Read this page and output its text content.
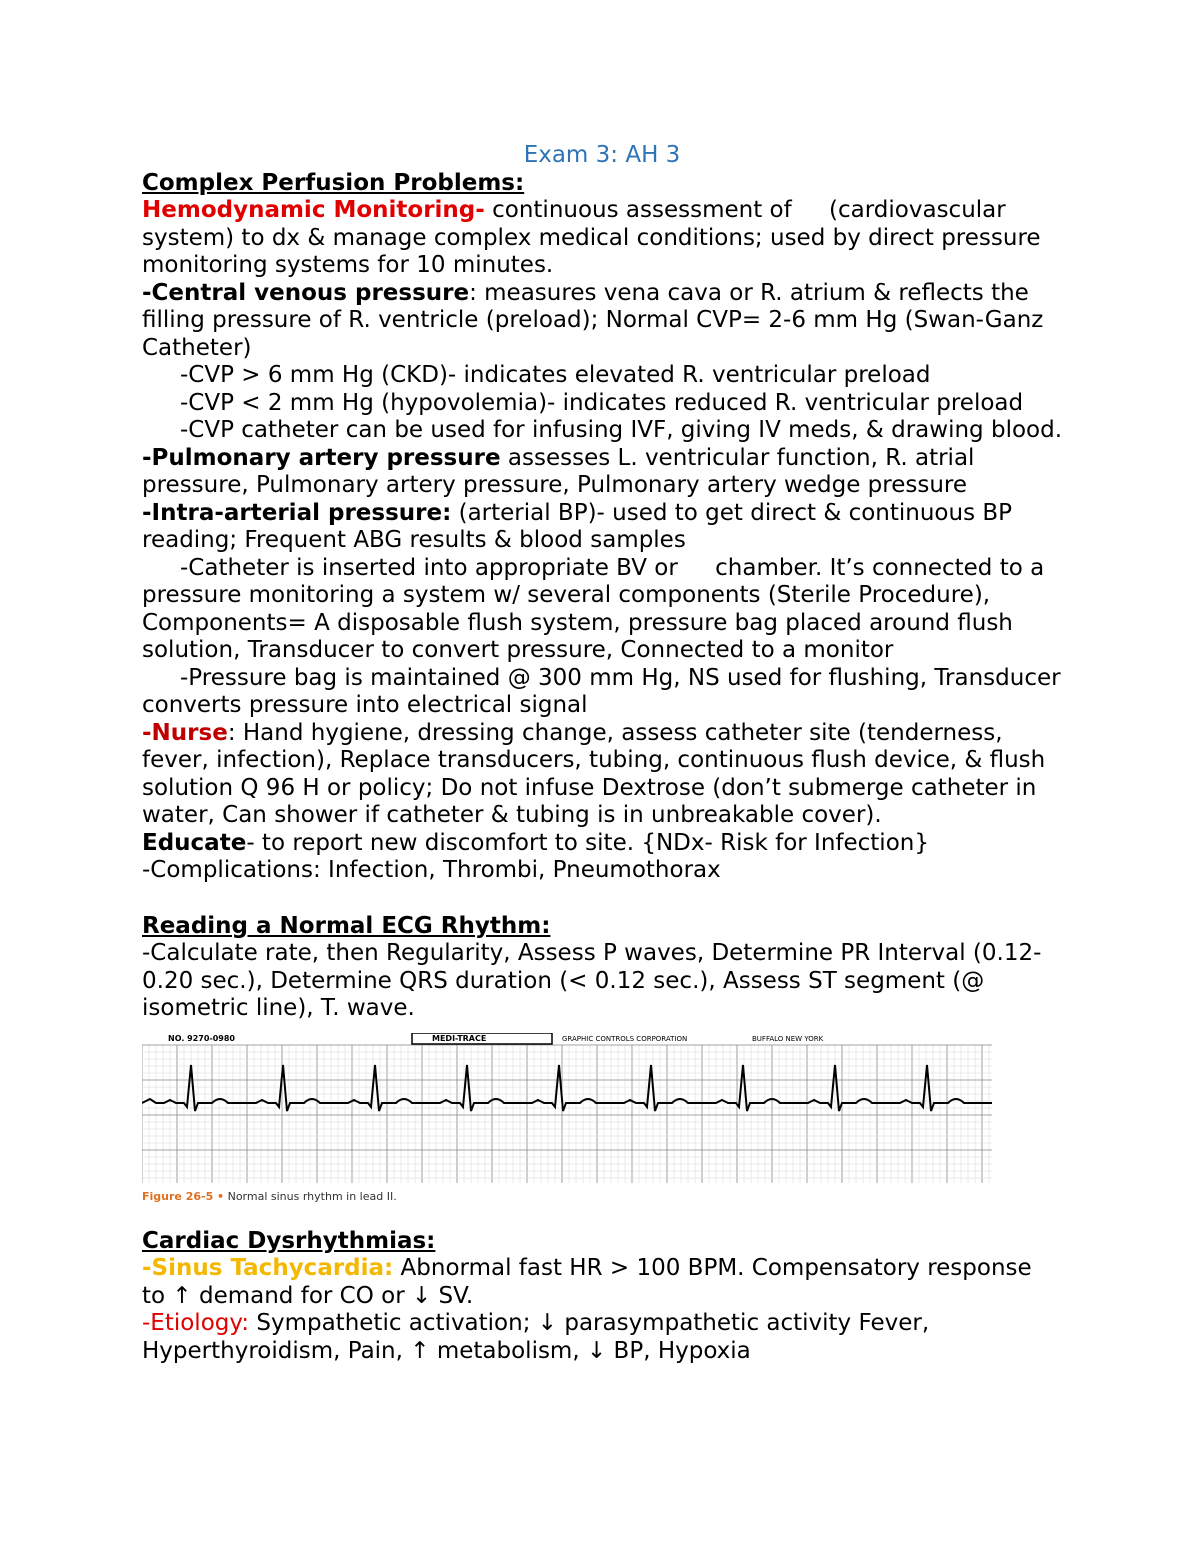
Exam 3: AH 3

Complex Perfusion Problems:

Hemodynamic Monitoring- continuous assessment of (cardiovascular system) to dx & manage complex medical conditions; used by direct pressure monitoring systems for 10 minutes.

-Central venous pressure: measures vena cava or R. atrium & reflects the filling pressure of R. ventricle (preload); Normal CVP= 2-6 mm Hg (Swan-Ganz Catheter)

-CVP > 6 mm Hg (CKD)- indicates elevated R. ventricular preload

-CVP < 2 mm Hg (hypovolemia)- indicates reduced R. ventricular preload

-CVP catheter can be used for infusing IVF, giving IV meds, & drawing blood.

-Pulmonary artery pressure assesses L. ventricular function, R. atrial pressure, Pulmonary artery pressure, Pulmonary artery wedge pressure

-Intra-arterial pressure: (arterial BP)- used to get direct & continuous BP reading; Frequent ABG results & blood samples

-Catheter is inserted into appropriate BV or chamber. It’s connected to a pressure monitoring a system w/ several components (Sterile Procedure), Components= A disposable flush system, pressure bag placed around flush solution, Transducer to convert pressure, Connected to a monitor

-Pressure bag is maintained @ 300 mm Hg, NS used for flushing, Transducer converts pressure into electrical signal

-Nurse: Hand hygiene, dressing change, assess catheter site (tenderness, fever, infection), Replace transducers, tubing, continuous flush device, & flush solution Q 96 H or policy; Do not infuse Dextrose (don’t submerge catheter in water, Can shower if catheter & tubing is in unbreakable cover).

Educate- to report new discomfort to site. {NDx- Risk for Infection}

-Complications: Infection, Thrombi, Pneumothorax

Reading a Normal ECG Rhythm:

-Calculate rate, then Regularity, Assess P waves, Determine PR Interval (0.12-0.20 sec.), Determine QRS duration (< 0.12 sec.), Assess ST segment (@ isometric line), T. wave.

NO. 9270-0980	MEDI-TRACE	GRAPHIC CONTROLS CORPORATION	BUFFALO NEW YORK
Figure 26-5 • Normal sinus rhythm in lead II.

Cardiac Dysrhythmias:

-Sinus Tachycardia: Abnormal fast HR > 100 BPM. Compensatory response to ↑ demand for CO or ↓ SV.

-Etiology: Sympathetic activation; ↓ parasympathetic activity Fever, Hyperthyroidism, Pain, ↑ metabolism, ↓ BP, Hypoxia
